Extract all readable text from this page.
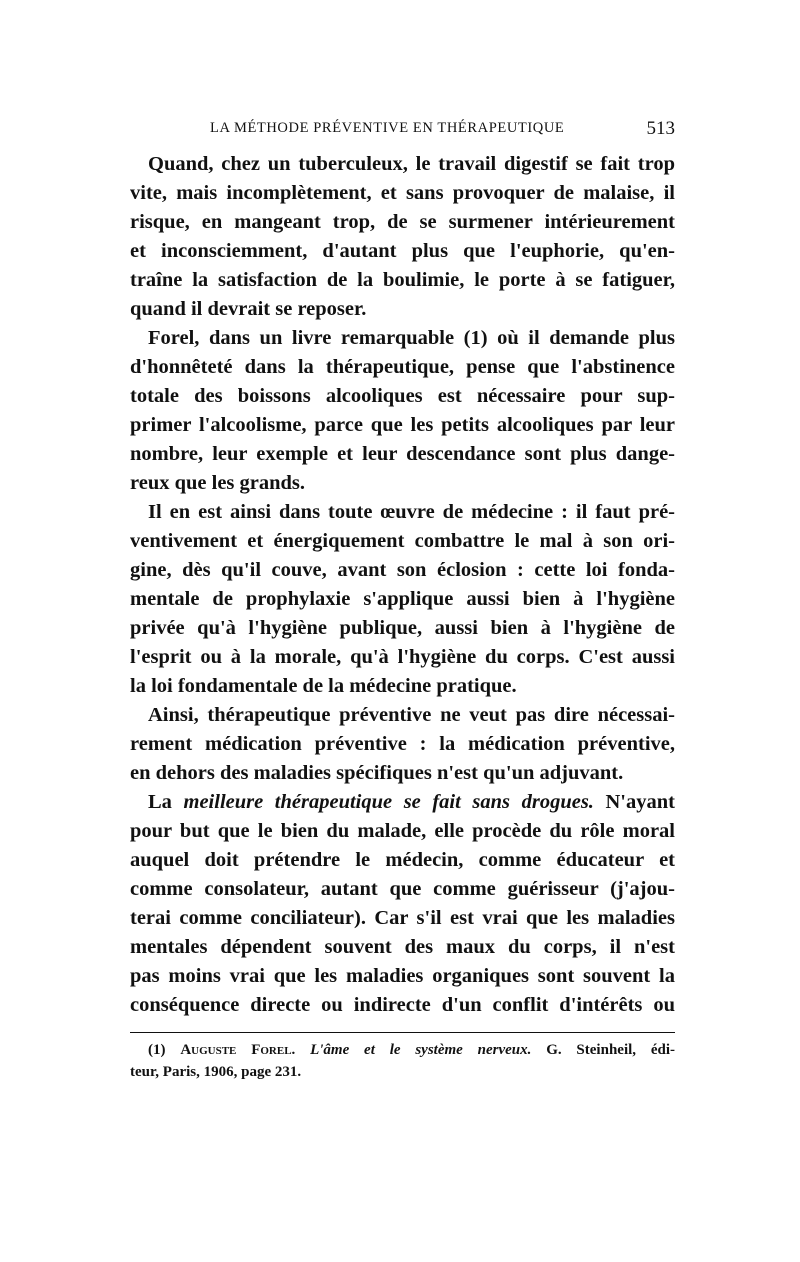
LA MÉTHODE PRÉVENTIVE EN THÉRAPEUTIQUE	513
Quand, chez un tuberculeux, le travail digestif se fait trop
vite, mais incomplètement, et sans provoquer de malaise, il
risque, en mangeant trop, de se surmener intérieurement
et inconsciemment, d'autant plus que l'euphorie, qu'en-
traîne la satisfaction de la boulimie, le porte à se fatiguer,
quand il devrait se reposer.
Forel, dans un livre remarquable (1) où il demande plus
d'honnêteté dans la thérapeutique, pense que l'abstinence
totale des boissons alcooliques est nécessaire pour sup-
primer l'alcoolisme, parce que les petits alcooliques par leur
nombre, leur exemple et leur descendance sont plus dange-
reux que les grands.
Il en est ainsi dans toute œuvre de médecine : il faut pré-
ventivement et énergiquement combattre le mal à son ori-
gine, dès qu'il couve, avant son éclosion : cette loi fonda-
mentale de prophylaxie s'applique aussi bien à l'hygiène
privée qu'à l'hygiène publique, aussi bien à l'hygiène de
l'esprit ou à la morale, qu'à l'hygiène du corps. C'est aussi
la loi fondamentale de la médecine pratique.
Ainsi, thérapeutique préventive ne veut pas dire nécessai-
rement médication préventive : la médication préventive,
en dehors des maladies spécifiques n'est qu'un adjuvant.
La meilleure thérapeutique se fait sans drogues. N'ayant
pour but que le bien du malade, elle procède du rôle moral
auquel doit prétendre le médecin, comme éducateur et
comme consolateur, autant que comme guérisseur (j'ajou-
terai comme conciliateur). Car s'il est vrai que les maladies
mentales dépendent souvent des maux du corps, il n'est
pas moins vrai que les maladies organiques sont souvent la
conséquence directe ou indirecte d'un conflit d'intérêts ou
(1) Auguste Forel. L'âme et le système nerveux. G. Steinheil, édi-
teur, Paris, 1906, page 231.
